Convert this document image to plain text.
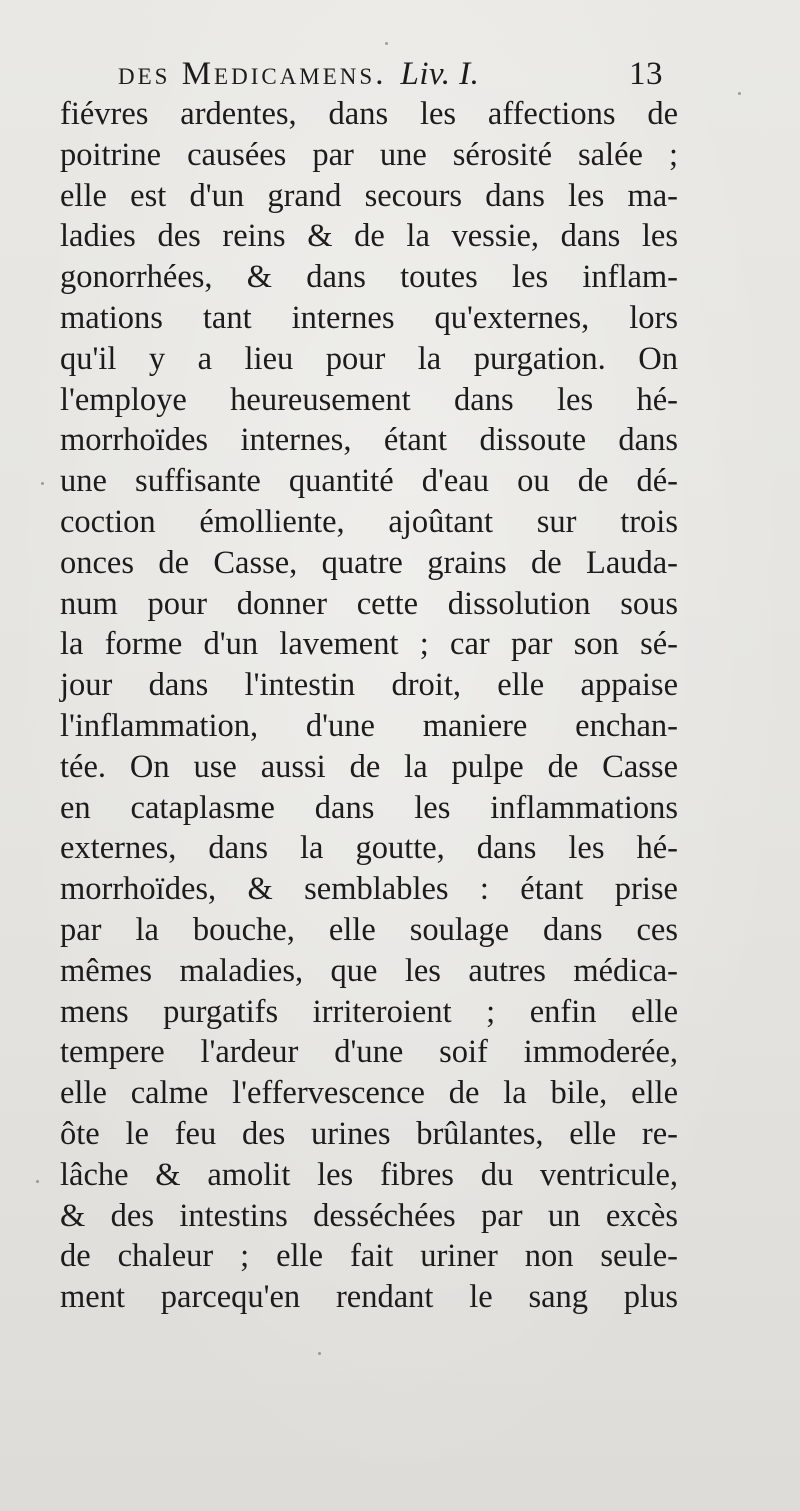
des Medicamens. Liv. I.	13
fiévres ardentes, dans les affections de
poitrine causées par une sérosité salée ;
elle est d'un grand secours dans les ma-
ladies des reins & de la vessie, dans les
gonorrhées, & dans toutes les inflam-
mations tant internes qu'externes, lors
qu'il y a lieu pour la purgation. On
l'employe heureusement dans les hé-
morrhoïdes internes, étant dissoute dans
une suffisante quantité d'eau ou de dé-
coction émolliente, ajoûtant sur trois
onces de Casse, quatre grains de Lauda-
num pour donner cette dissolution sous
la forme d'un lavement ; car par son sé-
jour dans l'intestin droit, elle appaise
l'inflammation, d'une maniere enchan-
tée. On use aussi de la pulpe de Casse
en cataplasme dans les inflammations
externes, dans la goutte, dans les hé-
morrhoïdes, & semblables : étant prise
par la bouche, elle soulage dans ces
mêmes maladies, que les autres médica-
mens purgatifs irriteroient ; enfin elle
tempere l'ardeur d'une soif immoderée,
elle calme l'effervescence de la bile, elle
ôte le feu des urines brûlantes, elle re-
lâche & amolit les fibres du ventricule,
& des intestins desséchées par un excès
de chaleur ; elle fait uriner non seule-
ment parcequ'en rendant le sang plus
